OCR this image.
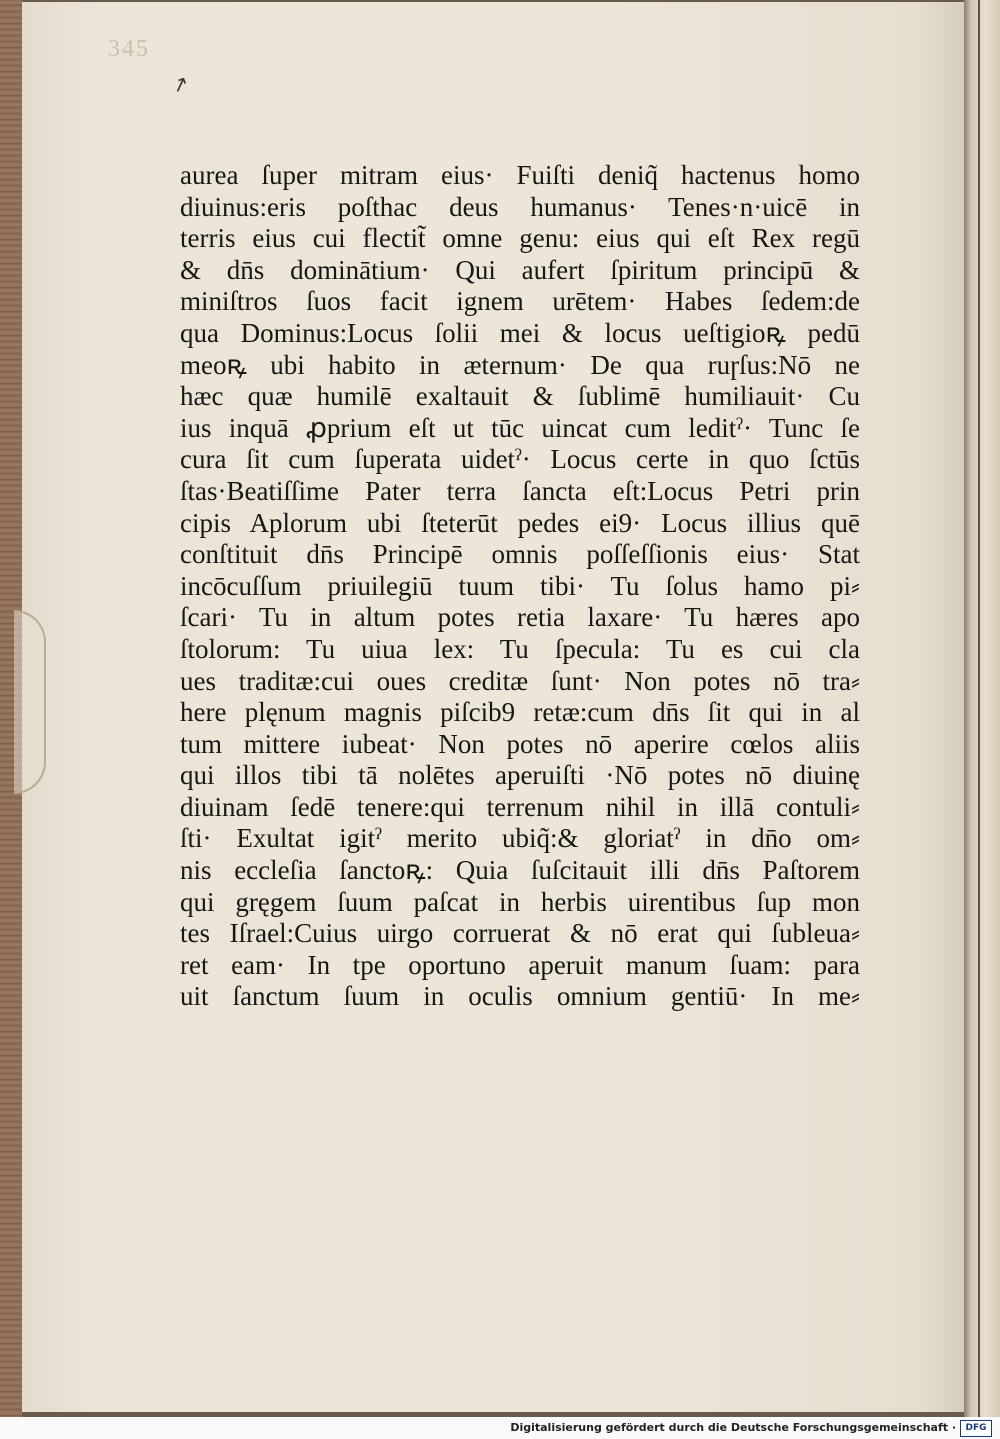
345
↗
aurea ſuper mitram eius· Fuiſti deniq̃ hactenus homo
diuinus:eris poſthac deus humanus· Tenes·n·uicē in
terris eius cui flectit̃ omne genu: eius qui eſt Rex regū
& dn̄s dominātium· Qui aufert ſpiritum principū &
miniſtros ſuos facit ignem urētem· Habes ſedem:de
qua Dominus:Locus ſolii mei & locus ueſtigioꝶ pedū
meoꝶ ubi habito in æternum· De qua ruɼſus:Nō ne
hæc quæ humilē exaltauit & ſublimē humiliauit· Cu
ius inquā ꝓprium eſt ut tūc uincat cum leditˀ· Tunc ſe
cura ſit cum ſuperata uidetˀ· Locus certe in quo ſctūs
ſtas·Beatiſſime Pater terra ſancta eſt:Locus Petri prin
cipis Aplorum ubi ſteterūt pedes ei9· Locus illius quē
conſtituit dn̄s Principē omnis poſſeſſionis eius· Stat
incōcuſſum priuilegiū tuum tibi· Tu ſolus hamo pi⸗
ſcari· Tu in altum potes retia laxare· Tu hæres apo
ſtolorum: Tu uiua lex: Tu ſpecula: Tu es cui cla
ues traditæ:cui oues creditæ ſunt· Non potes nō tra⸗
here plęnum magnis piſcib9 retæ:cum dn̄s ſit qui in al
tum mittere iubeat· Non potes nō aperire cœlos aliis
qui illos tibi tā nolētes aperuiſti ·Nō potes nō diuinę
diuinam ſedē tenere:qui terrenum nihil in illā contuli⸗
ſti· Exultat igitˀ merito ubiq̃:& gloriatˀ in dn̄o om⸗
nis eccleſia ſanctoꝶ: Quia ſuſcitauit illi dn̄s Paſtorem
qui gręgem ſuum paſcat in herbis uirentibus ſup mon
tes Iſrael:Cuius uirgo corruerat & nō erat qui ſubleua⸗
ret eam· In tpe oportuno aperuit manum ſuam: para
uit ſanctum ſuum in oculis omnium gentiū· In me⸗
Digitalisierung gefördert durch die Deutsche Forschungsgemeinschaft ·	DFG
